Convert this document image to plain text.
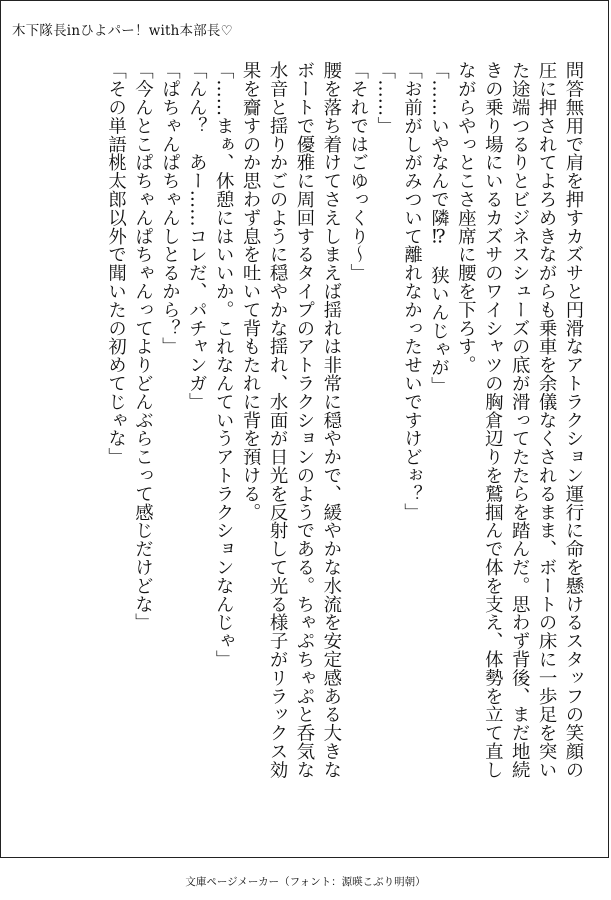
木下隊長inひよパー！with本部長♡
問答無用で肩を押すカズサと円滑なアトラクション運行に命を懸けるスタッフの笑顔の
圧に押されてよろめきながらも乗車を余儀なくされるまま、ボートの床に一歩足を突い
た途端つるりとビジネスシューズの底が滑ってたたらを踏んだ。思わず背後、まだ地続
きの乗り場にいるカズサのワイシャツの胸倉辺りを鷲掴んで体を支え、体勢を立て直し
ながらやっとこさ座席に腰を下ろす。
「……いやなんで隣⁉　狭いんじゃが」
「お前がしがみついて離れなかったせいですけどぉ？」
「……」
「それではごゆっくり〜」
腰を落ち着けてさえしまえば揺れは非常に穏やかで、緩やかな水流を安定感ある大きな
ボートで優雅に周回するタイプのアトラクションのようである。ちゃぷちゃぷと呑気な
水音と揺りかごのように穏やかな揺れ、水面が日光を反射して光る様子がリラックス効
果を齎すのか思わず息を吐いて背もたれに背を預ける。
「……まぁ、休憩にはいいか。これなんていうアトラクションなんじゃ」
「んん？　あー……コレだ、パチャンガ」
「ぱちゃんぱちゃんしとるから？」
「今んとこぱちゃんぱちゃんってよりどんぶらこって感じだけどな」
「その単語桃太郎以外で聞いたの初めてじゃな」
文庫ページメーカー（フォント：源暎こぶり明朝）
